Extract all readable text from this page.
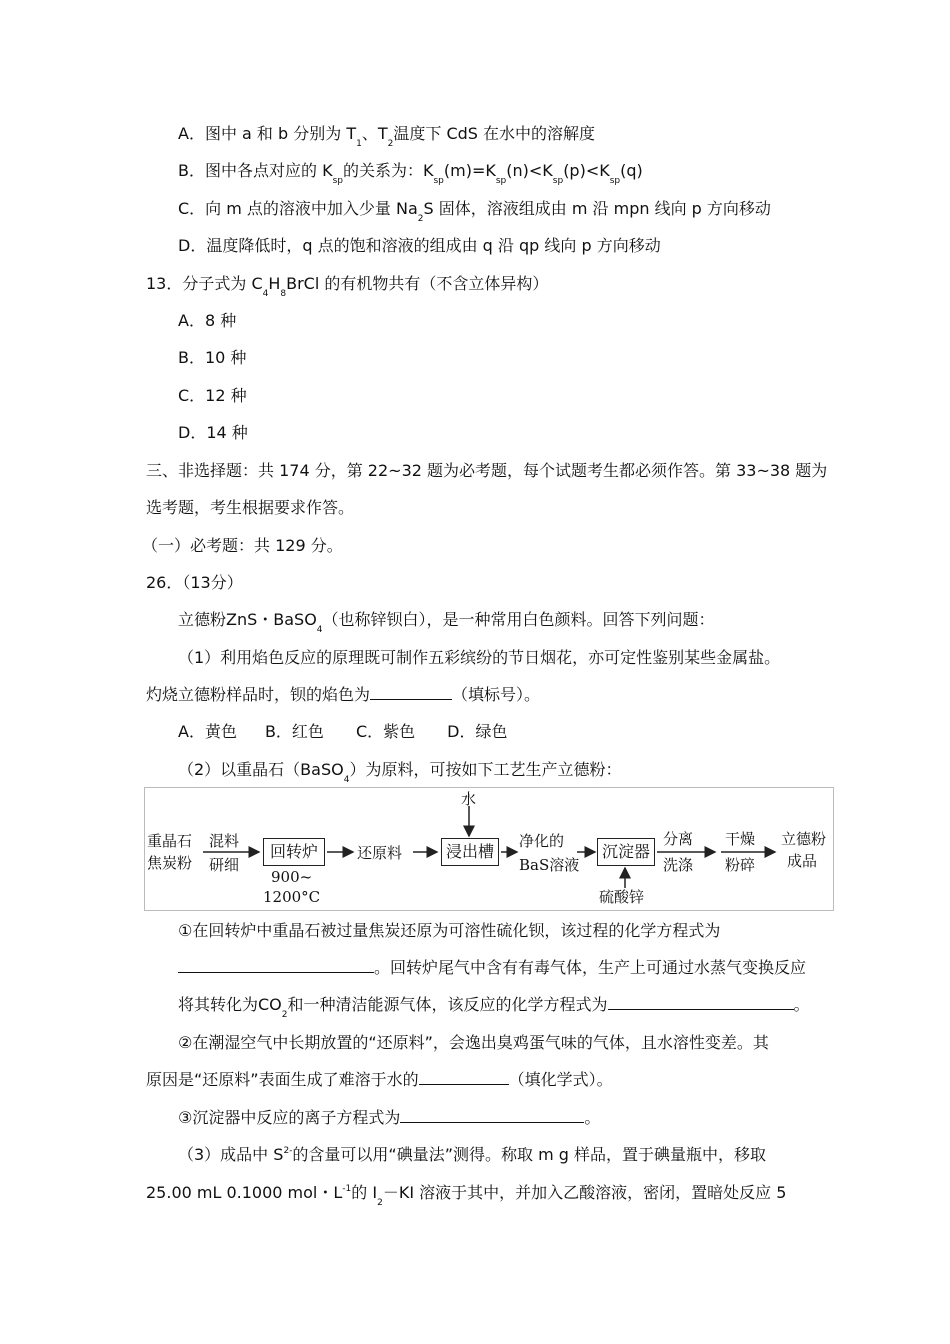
A．图中 a 和 b 分别为 $T_1$、$T_2$温度下 CdS 在水中的溶解度
B．图中各点对应的 $K_{sp}$的关系为：$K_{sp}(m)=K_{sp}(n)<K_{sp}(p)<K_{sp}(q)$
C．向 m 点的溶液中加入少量 $Na_2S$ 固体，溶液组成由 m 沿 mpn 线向 p 方向移动
D．温度降低时，q 点的饱和溶液的组成由 q 沿 qp 线向 p 方向移动
13．分子式为 $C_4H_8BrCl$ 的有机物共有（不含立体异构）
A．8 种
B．10 种
C．12 种
D．14 种
三、非选择题：共 174 分，第 22~32 题为必考题，每个试题考生都必须作答。第 33~38 题为
选考题，考生根据要求作答。
（一）必考题：共 129 分。
26．（13分）
立德粉ZnS・BaSO$_4$（也称锌钡白），是一种常用白色颜料。回答下列问题：
（1）利用焰色反应的原理既可制作五彩缤纷的节日烟花，亦可定性鉴别某些金属盐。
灼烧立德粉样品时，钡的焰色为	（填标号）。
A．黄色 B．红色 C．紫色 D．绿色
（2）以重晶石（BaSO$_4$）为原料，可按如下工艺生产立德粉：
重晶石
焦炭粉
混料
研细
回转炉
900~
1200°C
还原料
水
浸出槽
净化的
BaS溶液
沉淀器
硫酸锌
分离
洗涤
干燥
粉碎
立德粉
成品
①在回转炉中重晶石被过量焦炭还原为可溶性硫化钡，该过程的化学方程式为
。回转炉尾气中含有有毒气体，生产上可通过水蒸气变换反应
将其转化为$CO_2$和一种清洁能源气体，该反应的化学方程式为	。
②在潮湿空气中长期放置的“还原料”，会逸出臭鸡蛋气味的气体，且水溶性变差。其
原因是“还原料”表面生成了难溶于水的	（填化学式）。
③沉淀器中反应的离子方程式为	。
（3）成品中 $S^{2-}$的含量可以用“碘量法”测得。称取 m g 样品，置于碘量瓶中，移取
25.00 mL 0.1000 mol・$L^{-1}$的 $I_2-KI$ 溶液于其中，并加入乙酸溶液，密闭，置暗处反应 5
